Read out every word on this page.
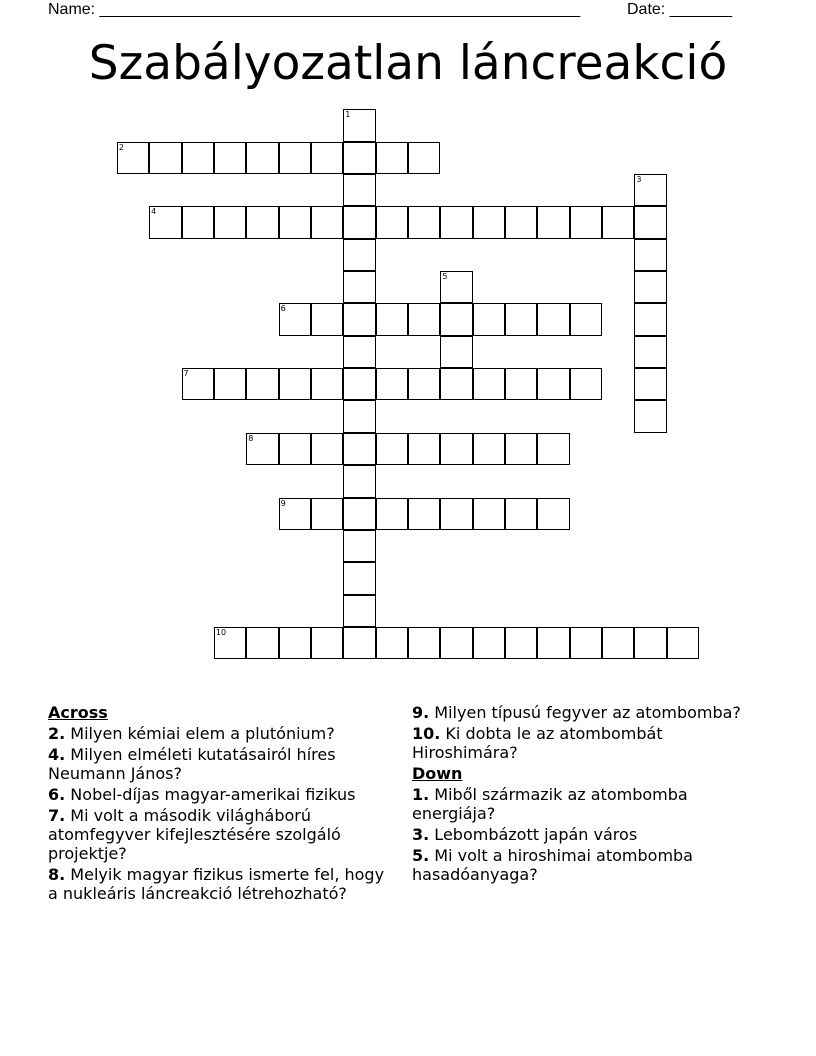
Name: ______________________________________________________	Date: _______
Szabályozatlan láncreakció
1
2
3
4
5
6
7
8
9
10
Across
2. Milyen kémiai elem a plutónium?
4. Milyen elméleti kutatásairól híres Neumann János?
6. Nobel-díjas magyar-amerikai fizikus
7. Mi volt a második világháború atomfegyver kifejlesztésére szolgáló projektje?
8. Melyik magyar fizikus ismerte fel, hogy a nukleáris láncreakció létrehozható?
9. Milyen típusú fegyver az atombomba?
10. Ki dobta le az atombombát Hiroshimára?
Down
1. Miből származik az atombomba energiája?
3. Lebombázott japán város
5. Mi volt a hiroshimai atombomba hasadóanyaga?
